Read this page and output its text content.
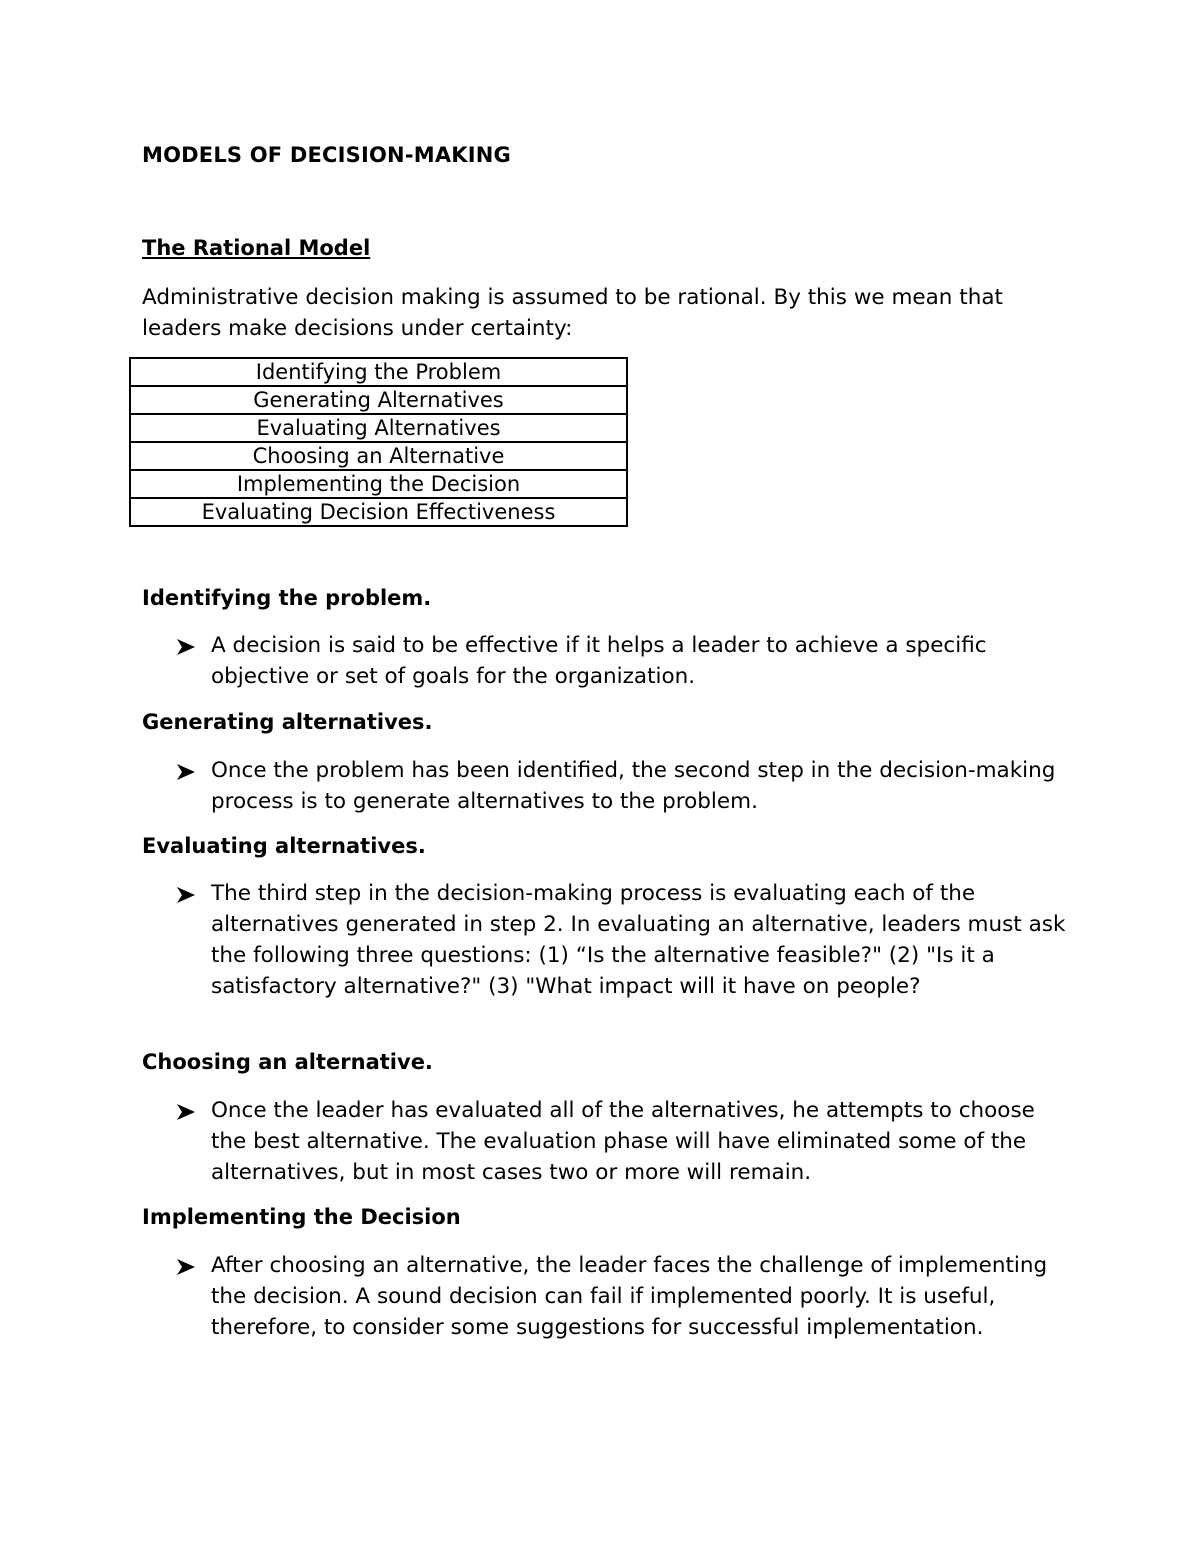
MODELS OF DECISION-MAKING
The Rational Model

Administrative decision making is assumed to be rational. By this we mean that leaders make decisions under certainty:

Identifying the Problem
Generating Alternatives
Evaluating Alternatives
Choosing an Alternative
Implementing the Decision
Evaluating Decision Effectiveness
Identifying the problem.
A decision is said to be effective if it helps a leader to achieve a specific objective or set of goals for the organization.
Generating alternatives.
Once the problem has been identified, the second step in the decision-making process is to generate alternatives to the problem.
Evaluating alternatives.
The third step in the decision-making process is evaluating each of the alternatives generated in step 2. In evaluating an alternative, leaders must ask the following three questions: (1) “Is the alternative feasible?" (2) "Is it a satisfactory alternative?" (3) "What impact will it have on people?
Choosing an alternative.
Once the leader has evaluated all of the alternatives, he attempts to choose the best alternative. The evaluation phase will have eliminated some of the alternatives, but in most cases two or more will remain.
Implementing the Decision
After choosing an alternative, the leader faces the challenge of implementing the decision. A sound decision can fail if implemented poorly. It is useful, therefore, to consider some suggestions for successful implementation.
